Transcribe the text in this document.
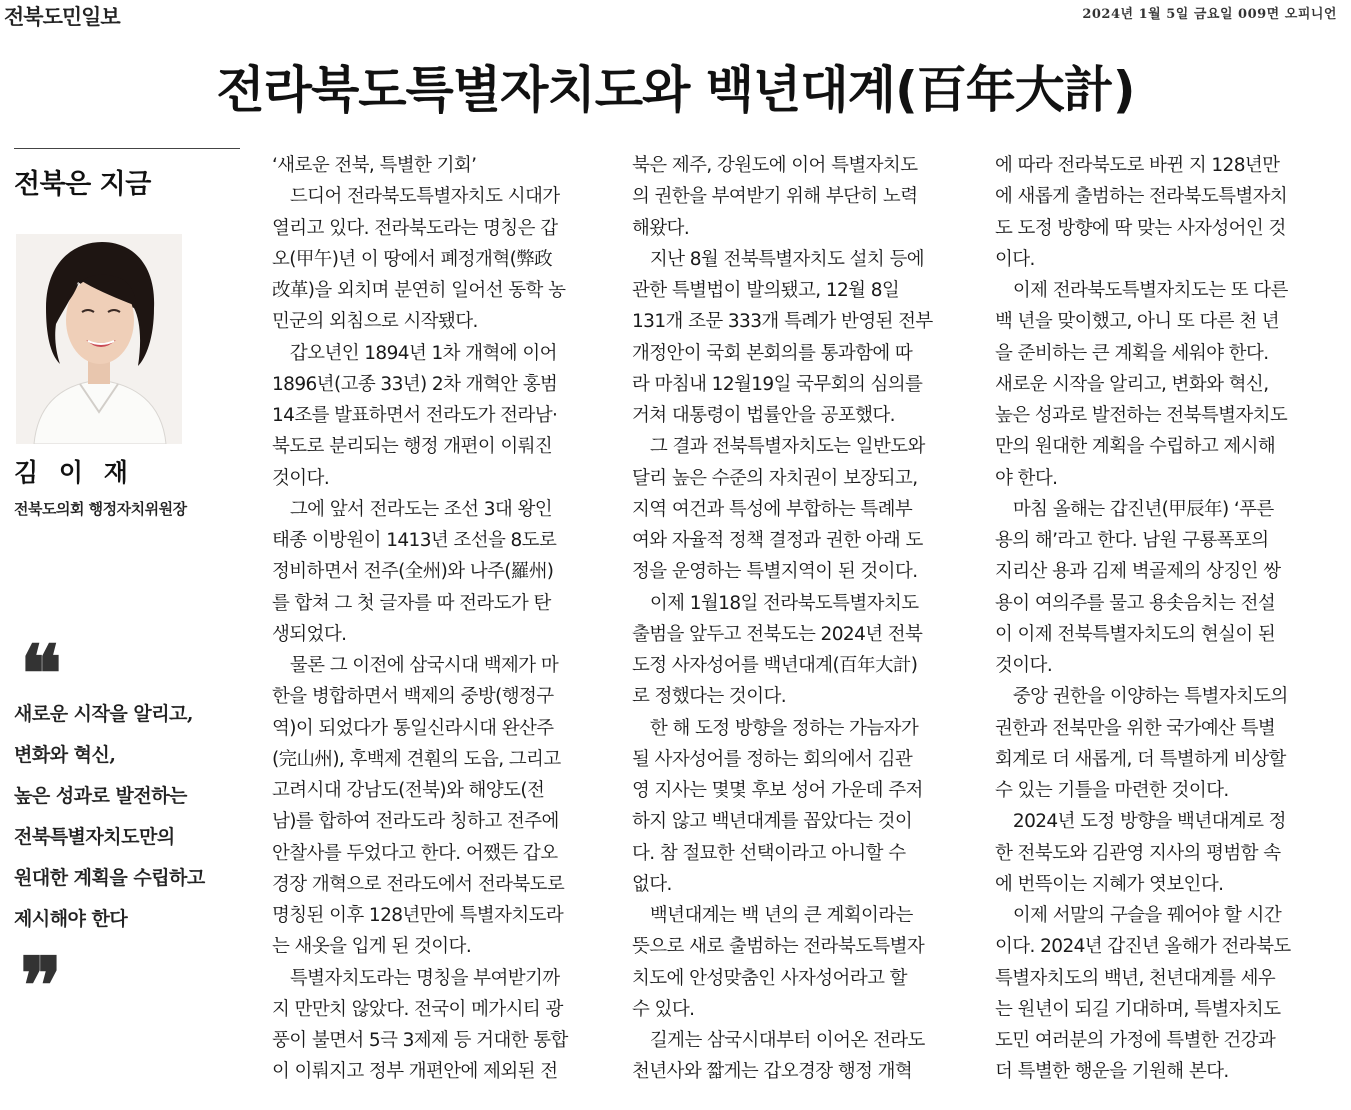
전북도민일보	2024년 1월 5일 금요일 009면 오피니언
전라북도특별자치도와 백년대계(百年大計)
전북은 지금
김 이 재
전북도의회 행정자치위원장
❝
새로운 시작을 알리고,
변화와 혁신,
높은 성과로 발전하는
전북특별자치도만의
원대한 계획을 수립하고
제시해야 한다
❞
‘새로운 전북, 특별한 기회’
　드디어 전라북도특별자치도 시대가
열리고 있다. 전라북도라는 명칭은 갑
오(甲午)년 이 땅에서 폐정개혁(弊政
改革)을 외치며 분연히 일어선 동학 농
민군의 외침으로 시작됐다.
　갑오년인 1894년 1차 개혁에 이어
1896년(고종 33년) 2차 개혁안 홍범
14조를 발표하면서 전라도가 전라남·
북도로 분리되는 행정 개편이 이뤄진
것이다.
　그에 앞서 전라도는 조선 3대 왕인
태종 이방원이 1413년 조선을 8도로
정비하면서 전주(全州)와 나주(羅州)
를 합쳐 그 첫 글자를 따 전라도가 탄
생되었다.
　물론 그 이전에 삼국시대 백제가 마
한을 병합하면서 백제의 중방(행정구
역)이 되었다가 통일신라시대 완산주
(完山州), 후백제 견훤의 도읍, 그리고
고려시대 강남도(전북)와 해양도(전
남)를 합하여 전라도라 칭하고 전주에
안찰사를 두었다고 한다. 어쨌든 갑오
경장 개혁으로 전라도에서 전라북도로
명칭된 이후 128년만에 특별자치도라
는 새옷을 입게 된 것이다.
　특별자치도라는 명칭을 부여받기까
지 만만치 않았다. 전국이 메가시티 광
풍이 불면서 5극 3제제 등 거대한 통합
이 이뤄지고 정부 개편안에 제외된 전
북은 제주, 강원도에 이어 특별자치도
의 권한을 부여받기 위해 부단히 노력
해왔다.
　지난 8월 전북특별자치도 설치 등에
관한 특별법이 발의됐고, 12월 8일
131개 조문 333개 특례가 반영된 전부
개정안이 국회 본회의를 통과함에 따
라 마침내 12월19일 국무회의 심의를
거쳐 대통령이 법률안을 공포했다.
　그 결과 전북특별자치도는 일반도와
달리 높은 수준의 자치권이 보장되고,
지역 여건과 특성에 부합하는 특례부
여와 자율적 정책 결정과 권한 아래 도
정을 운영하는 특별지역이 된 것이다.
　이제 1월18일 전라북도특별자치도
출범을 앞두고 전북도는 2024년 전북
도정 사자성어를 백년대계(百年大計)
로 정했다는 것이다.
　한 해 도정 방향을 정하는 가늠자가
될 사자성어를 정하는 회의에서 김관
영 지사는 몇몇 후보 성어 가운데 주저
하지 않고 백년대계를 꼽았다는 것이
다. 참 절묘한 선택이라고 아니할 수
없다.
　백년대계는 백 년의 큰 계획이라는
뜻으로 새로 출범하는 전라북도특별자
치도에 안성맞춤인 사자성어라고 할
수 있다.
　길게는 삼국시대부터 이어온 전라도
천년사와 짧게는 갑오경장 행정 개혁
에 따라 전라북도로 바뀐 지 128년만
에 새롭게 출범하는 전라북도특별자치
도 도정 방향에 딱 맞는 사자성어인 것
이다.
　이제 전라북도특별자치도는 또 다른
백 년을 맞이했고, 아니 또 다른 천 년
을 준비하는 큰 계획을 세워야 한다.
새로운 시작을 알리고, 변화와 혁신,
높은 성과로 발전하는 전북특별자치도
만의 원대한 계획을 수립하고 제시해
야 한다.
　마침 올해는 갑진년(甲辰年) ‘푸른
용의 해’라고 한다. 남원 구룡폭포의
지리산 용과 김제 벽골제의 상징인 쌍
용이 여의주를 물고 용솟음치는 전설
이 이제 전북특별자치도의 현실이 된
것이다.
　중앙 권한을 이양하는 특별자치도의
권한과 전북만을 위한 국가예산 특별
회계로 더 새롭게, 더 특별하게 비상할
수 있는 기틀을 마련한 것이다.
　2024년 도정 방향을 백년대계로 정
한 전북도와 김관영 지사의 평범함 속
에 번뜩이는 지혜가 엿보인다.
　이제 서말의 구슬을 꿰어야 할 시간
이다. 2024년 갑진년 올해가 전라북도
특별자치도의 백년, 천년대계를 세우
는 원년이 되길 기대하며, 특별자치도
도민 여러분의 가정에 특별한 건강과
더 특별한 행운을 기원해 본다.
